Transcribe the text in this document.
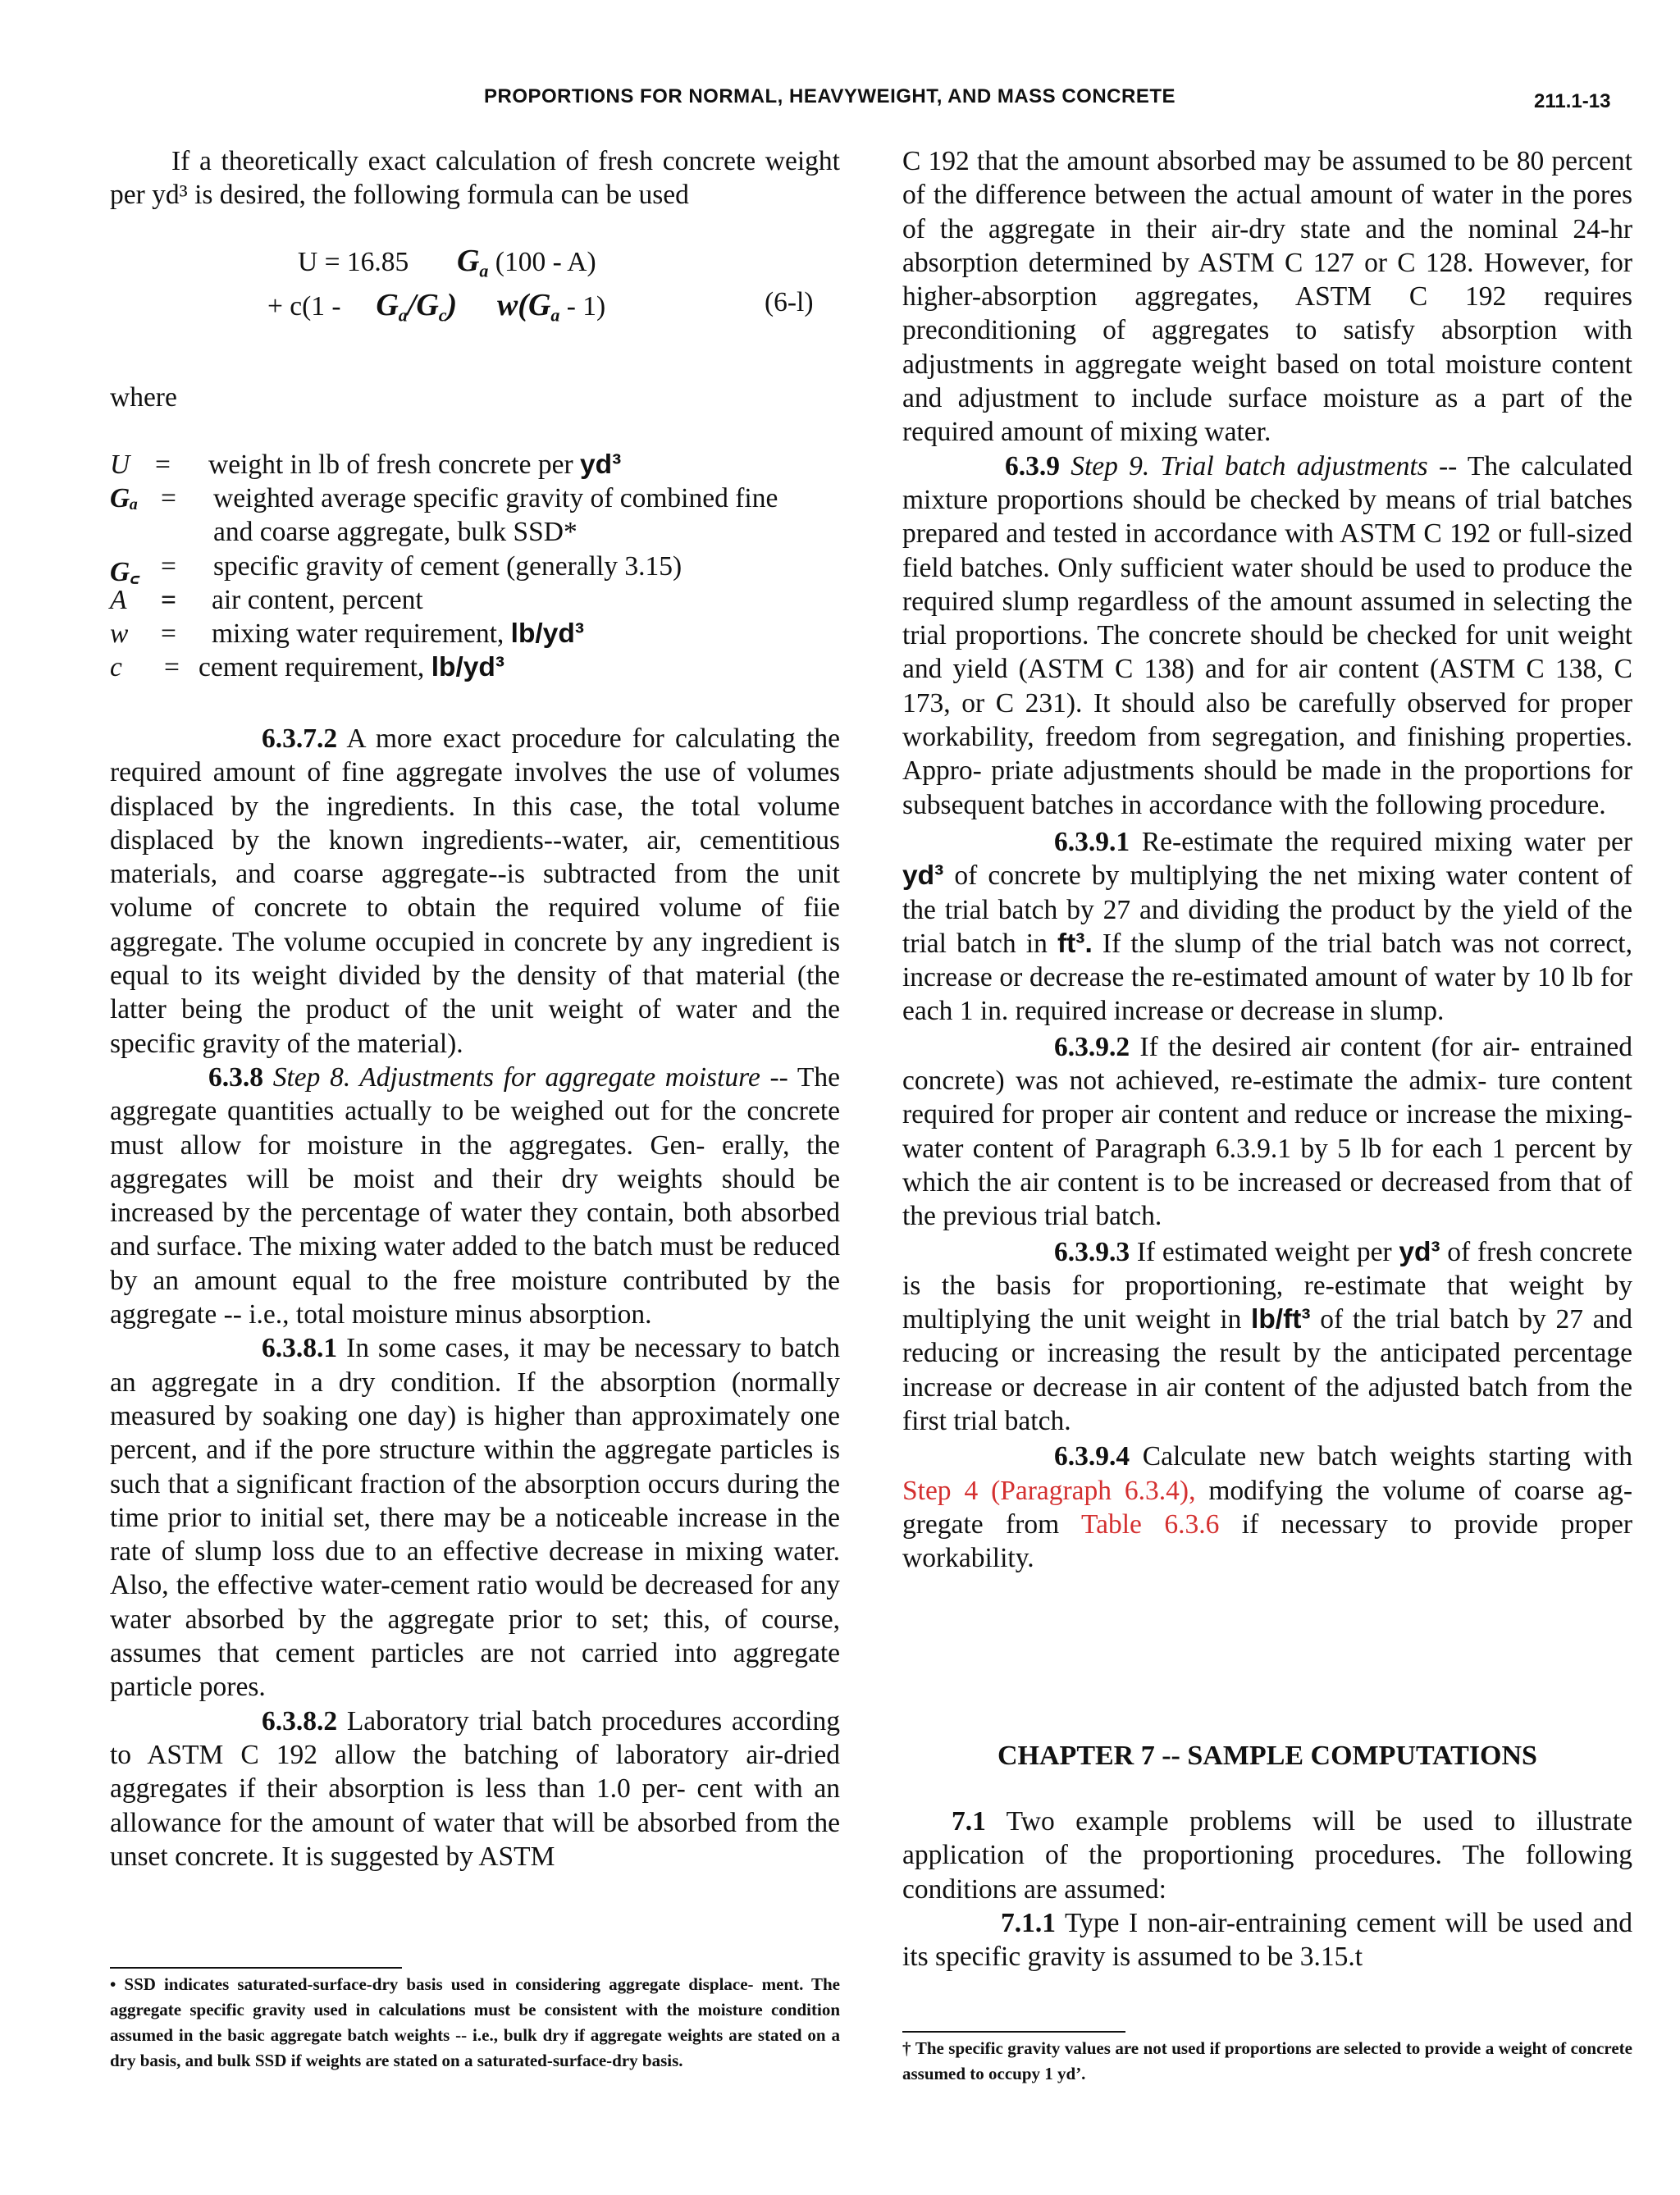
PROPORTIONS FOR NORMAL, HEAVYWEIGHT, AND MASS CONCRETE	211.1-13

If a theoretically exact calculation of fresh concrete weight per yd³ is desired, the following formula can be used

U = 16.85 $G_a$ (100 - A)
+ $c(1 - G_a/G_c)$ $w(G_a - 1)$	(6-l)
where
U = weight in lb of fresh concrete per yd³
Gₐ = weighted average specific gravity of combined fine
and coarse aggregate, bulk SSD*
G꜀ = specific gravity of cement (generally 3.15)
A = air content, percent
w = mixing water requirement, lb/yd³
c = cement requirement, lb/yd³

6.3.7.2 A more exact procedure for calculating the required amount of fine aggregate involves the use of volumes displaced by the ingredients. In this case, the total volume displaced by the known ingredients--water, air, cementitious materials, and coarse aggregate--is subtracted from the unit volume of concrete to obtain the required volume of fiie aggregate. The volume occupied in concrete by any ingredient is equal to its weight divided by the density of that material (the latter being the product of the unit weight of water and the specific gravity of the material).

6.3.8 Step 8. Adjustments for aggregate moisture -- The aggregate quantities actually to be weighed out for the concrete must allow for moisture in the aggregates. Gen- erally, the aggregates will be moist and their dry weights should be increased by the percentage of water they contain, both absorbed and surface. The mixing water added to the batch must be reduced by an amount equal to the free moisture contributed by the aggregate -- i.e., total moisture minus absorption.

6.3.8.1 In some cases, it may be necessary to batch an aggregate in a dry condition. If the absorption (normally measured by soaking one day) is higher than approximately one percent, and if the pore structure within the aggregate particles is such that a significant fraction of the absorption occurs during the time prior to initial set, there may be a noticeable increase in the rate of slump loss due to an effective decrease in mixing water. Also, the effective water-cement ratio would be decreased for any water absorbed by the aggregate prior to set; this, of course, assumes that cement particles are not carried into aggregate particle pores.

6.3.8.2 Laboratory trial batch procedures according to ASTM C 192 allow the batching of laboratory air-dried aggregates if their absorption is less than 1.0 per- cent with an allowance for the amount of water that will be absorbed from the unset concrete. It is suggested by ASTM

• SSD indicates saturated-surface-dry basis used in considering aggregate displace- ment. The aggregate specific gravity used in calculations must be consistent with the moisture condition assumed in the basic aggregate batch weights -- i.e., bulk dry if aggregate weights are stated on a dry basis, and bulk SSD if weights are stated on a saturated-surface-dry basis.

C 192 that the amount absorbed may be assumed to be 80 percent of the difference between the actual amount of water in the pores of the aggregate in their air-dry state and the nominal 24-hr absorption determined by ASTM C 127 or C 128. However, for higher-absorption aggregates, ASTM C 192 requires preconditioning of aggregates to satisfy absorption with adjustments in aggregate weight based on total moisture content and adjustment to include surface moisture as a part of the required amount of mixing water.

6.3.9 Step 9. Trial batch adjustments -- The calculated mixture proportions should be checked by means of trial batches prepared and tested in accordance with ASTM C 192 or full-sized field batches. Only sufficient water should be used to produce the required slump regardless of the amount assumed in selecting the trial proportions. The concrete should be checked for unit weight and yield (ASTM C 138) and for air content (ASTM C 138, C 173, or C 231). It should also be carefully observed for proper workability, freedom from segregation, and finishing properties. Appro- priate adjustments should be made in the proportions for subsequent batches in accordance with the following procedure.

6.3.9.1 Re-estimate the required mixing water per yd³ of concrete by multiplying the net mixing water content of the trial batch by 27 and dividing the product by the yield of the trial batch in ft³. If the slump of the trial batch was not correct, increase or decrease the re-estimated amount of water by 10 lb for each 1 in. required increase or decrease in slump.

6.3.9.2 If the desired air content (for air- entrained concrete) was not achieved, re-estimate the admix- ture content required for proper air content and reduce or increase the mixing-water content of Paragraph 6.3.9.1 by 5 lb for each 1 percent by which the air content is to be increased or decreased from that of the previous trial batch.

6.3.9.3 If estimated weight per yd³ of fresh concrete is the basis for proportioning, re-estimate that weight by multiplying the unit weight in lb/ft³ of the trial batch by 27 and reducing or increasing the result by the anticipated percentage increase or decrease in air content of the adjusted batch from the first trial batch.

6.3.9.4 Calculate new batch weights starting with Step 4 (Paragraph 6.3.4), modifying the volume of coarse ag- gregate from Table 6.3.6 if necessary to provide proper workability.

CHAPTER 7 -- SAMPLE COMPUTATIONS

7.1 Two example problems will be used to illustrate application of the proportioning procedures. The following conditions are assumed:

7.1.1 Type I non-air-entraining cement will be used and its specific gravity is assumed to be 3.15.t

† The specific gravity values are not used if proportions are selected to provide a weight of concrete assumed to occupy 1 yd’.
